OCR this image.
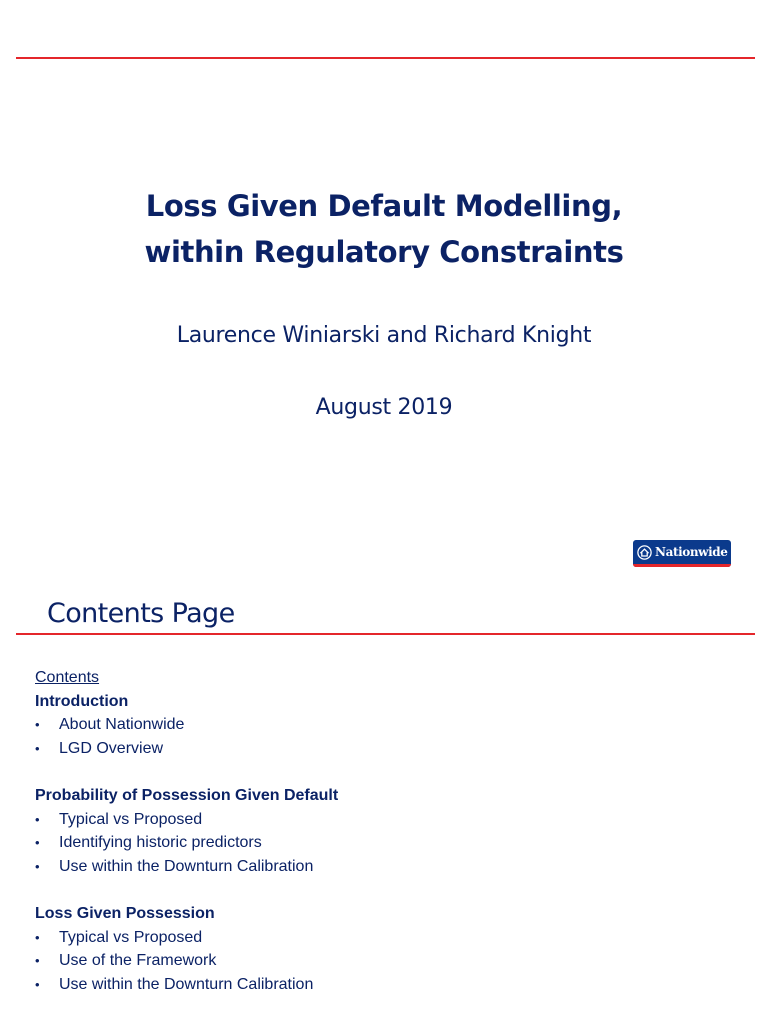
Loss Given Default Modelling,
within Regulatory Constraints
Laurence Winiarski and Richard Knight
August 2019
Nationwide
Contents Page
Contents
Introduction
• About Nationwide
• LGD Overview
Probability of Possession Given Default
• Typical vs Proposed
• Identifying historic predictors
• Use within the Downturn Calibration
Loss Given Possession
• Typical vs Proposed
• Use of the Framework
• Use within the Downturn Calibration
